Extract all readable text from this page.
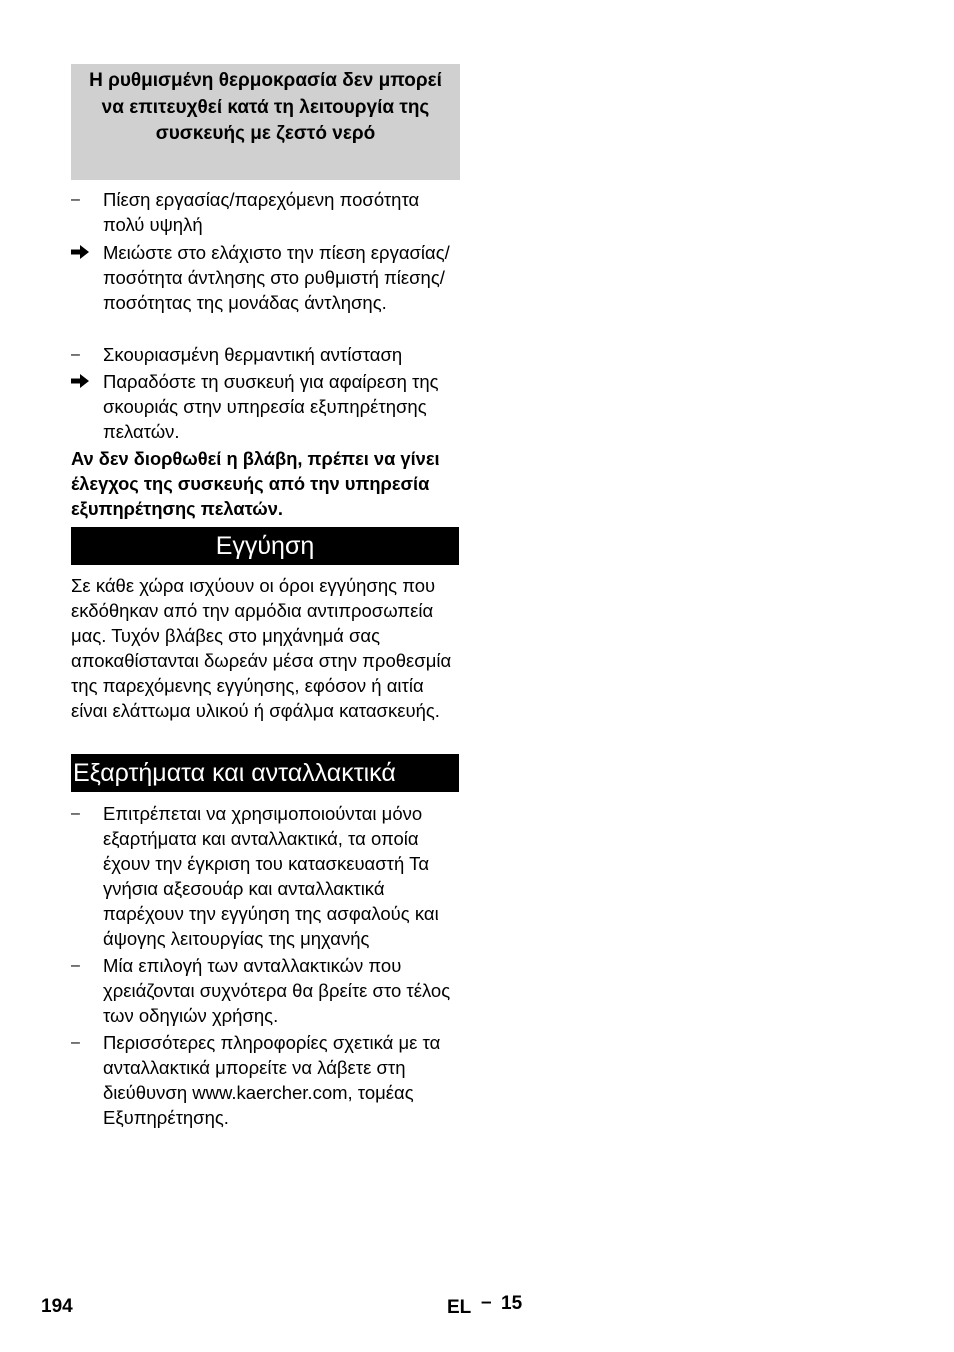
Η ρυθμισμένη θερμοκρασία δεν μπορεί να επιτευχθεί κατά τη λειτουργία της συσκευής με ζεστό νερό
–	Πίεση εργασίας/παρεχόμενη ποσότητα πολύ υψηλή
Μειώστε στο ελάχιστο την πίεση εργασίας/ποσότητα άντλησης στο ρυθμιστή πίεσης/ποσότητας της μονάδας άντλησης.
–	Σκουριασμένη θερμαντική αντίσταση
Παραδόστε τη συσκευή για αφαίρεση της σκουριάς στην υπηρεσία εξυπηρέτησης πελατών.
Αν δεν διορθωθεί η βλάβη, πρέπει να γίνει έλεγχος της συσκευής από την υπηρεσία εξυπηρέτησης πελατών.
Εγγύηση
Σε κάθε χώρα ισχύουν οι όροι εγγύησης που εκδόθηκαν από την αρμόδια αντιπροσωπεία μας. Τυχόν βλάβες στο μηχάνημά σας αποκαθίστανται δωρεάν μέσα στην προθεσμία της παρεχόμενης εγγύησης, εφόσον ή αιτία είναι ελάττωμα υλικού ή σφάλμα κατασκευής.
Εξαρτήματα και ανταλλακτικά
–	Επιτρέπεται να χρησιμοποιούνται μόνο εξαρτήματα και ανταλλακτικά, τα οποία έχουν την έγκριση του κατασκευαστή Τα γνήσια αξεσουάρ και ανταλλακτικά παρέχουν την εγγύηση της ασφαλούς και άψογης λειτουργίας της μηχανής
–	Μία επιλογή των ανταλλακτικών που χρειάζονται συχνότερα θα βρείτε στο τέλος των οδηγιών χρήσης.
–	Περισσότερες πληροφορίες σχετικά με τα ανταλλακτικά μπορείτε να λάβετε στη διεύθυνση www.kaercher.com, τομέας Εξυπηρέτησης.
194	EL – 15
